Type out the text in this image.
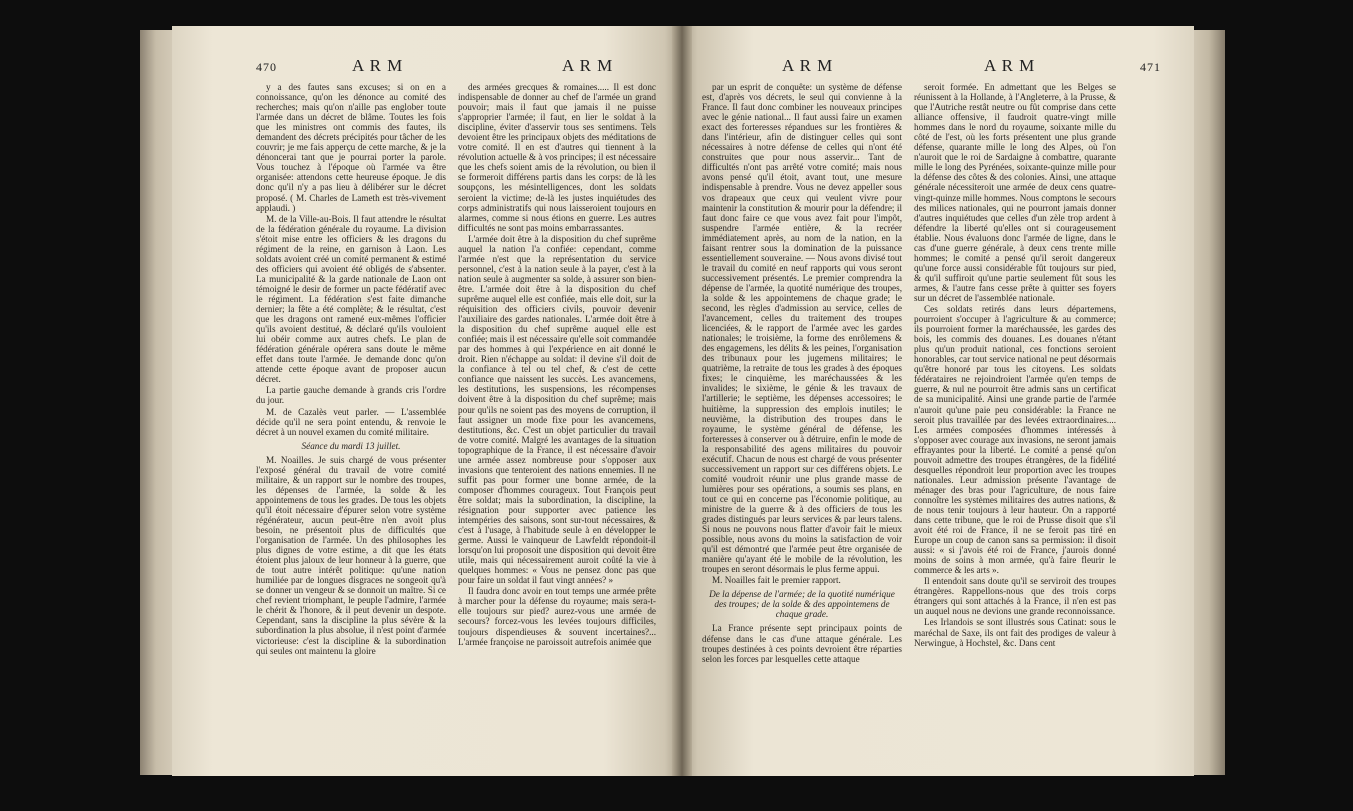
470	A R M	A R M

y a des fautes sans excuses; si on en a connoissance, qu'on les dénonce au comité des recherches; mais qu'on n'aille pas englober toute l'armée dans un décret de blâme. Toutes les fois que les ministres ont commis des fautes, ils demandent des décrets précipités pour tâcher de les couvrir; je me fais apperçu de cette marche, & je la dénoncerai tant que je pourrai porter la parole. Vous touchez à l'époque où l'armée va être organisée: attendons cette heureuse époque. Je dis donc qu'il n'y a pas lieu à délibérer sur le décret proposé. ( M. Charles de Lameth est très-vivement applaudi. )

M. de la Ville-au-Bois. Il faut attendre le résultat de la fédération générale du royaume. La division s'étoit mise entre les officiers & les dragons du régiment de la reine, en garnison à Laon. Les soldats avoient créé un comité permanent & estimé des officiers qui avoient été obligés de s'absenter. La municipalité & la garde nationale de Laon ont témoigné le desir de former un pacte fédératif avec le régiment. La fédération s'est faite dimanche dernier; la fête a été complète; & le résultat, c'est que les dragons ont ramené eux-mêmes l'officier qu'ils avoient destitué, & déclaré qu'ils vouloient lui obéir comme aux autres chefs. Le plan de fédération générale opérera sans doute le même effet dans toute l'armée. Je demande donc qu'on attende cette époque avant de proposer aucun décret.

La partie gauche demande à grands cris l'ordre du jour.

M. de Cazalès veut parler. — L'assemblée décide qu'il ne sera point entendu, & renvoie le décret à un nouvel examen du comité militaire.

Séance du mardi 13 juillet.

M. Noailles. Je suis chargé de vous présenter l'exposé général du travail de votre comité militaire, & un rapport sur le nombre des troupes, les dépenses de l'armée, la solde & les appointemens de tous les grades. De tous les objets qu'il étoit nécessaire d'épurer selon votre système régénérateur, aucun peut-être n'en avoit plus besoin, ne présentoit plus de difficultés que l'organisation de l'armée. Un des philosophes les plus dignes de votre estime, a dit que les états étoient plus jaloux de leur honneur à la guerre, que de tout autre intérêt politique: qu'une nation humiliée par de longues disgraces ne songeoit qu'à se donner un vengeur & se donnoit un maître. Si ce chef revient triomphant, le peuple l'admire, l'armée le chérit & l'honore, & il peut devenir un despote. Cependant, sans la discipline la plus sévère & la subordination la plus absolue, il n'est point d'armée victorieuse: c'est la discipline & la subordination qui seules ont maintenu la gloire

des armées grecques & romaines..... Il est donc indispensable de donner au chef de l'armée un grand pouvoir; mais il faut que jamais il ne puisse s'approprier l'armée; il faut, en lier le soldat à la discipline, éviter d'asservir tous ses sentimens. Tels devoient être les principaux objets des méditations de votre comité. Il en est d'autres qui tiennent à la révolution actuelle & à vos principes; il est nécessaire que les chefs soient amis de la révolution, ou bien il se formeroit différens partis dans les corps: de là les soupçons, les mésintelligences, dont les soldats seroient la victime; de-là les justes inquiétudes des corps administratifs qui nous laisseroient toujours en alarmes, comme si nous étions en guerre. Les autres difficultés ne sont pas moins embarrassantes.

L'armée doit être à la disposition du chef suprême auquel la nation l'a confiée: cependant, comme l'armée n'est que la représentation du service personnel, c'est à la nation seule à la payer, c'est à la nation seule à augmenter sa solde, à assurer son bien-être. L'armée doit être à la disposition du chef suprême auquel elle est confiée, mais elle doit, sur la réquisition des officiers civils, pouvoir devenir l'auxiliaire des gardes nationales. L'armée doit être à la disposition du chef suprême auquel elle est confiée; mais il est nécessaire qu'elle soit commandée par des hommes à qui l'expérience en ait donné le droit. Rien n'échappe au soldat: il devine s'il doit de la confiance à tel ou tel chef, & c'est de cette confiance que naissent les succès. Les avancemens, les destitutions, les suspensions, les récompenses doivent être à la disposition du chef suprême; mais pour qu'ils ne soient pas des moyens de corruption, il faut assigner un mode fixe pour les avancemens, destitutions, &c. C'est un objet particulier du travail de votre comité. Malgré les avantages de la situation topographique de la France, il est nécessaire d'avoir une armée assez nombreuse pour s'opposer aux invasions que tenteroient des nations ennemies. Il ne suffit pas pour former une bonne armée, de la composer d'hommes courageux. Tout François peut être soldat; mais la subordination, la discipline, la résignation pour supporter avec patience les intempéries des saisons, sont sur-tout nécessaires, & c'est à l'usage, à l'habitude seule à en développer le germe. Aussi le vainqueur de Lawfeldt répondoit-il lorsqu'on lui proposoit une disposition qui devoit être utile, mais qui nécessairement auroit coûté la vie à quelques hommes: « Vous ne pensez donc pas que pour faire un soldat il faut vingt années? »

Il faudra donc avoir en tout temps une armée prête à marcher pour la défense du royaume; mais sera-t-elle toujours sur pied? aurez-vous une armée de secours? forcez-vous les levées toujours difficiles, toujours dispendieuses & souvent incertaines?... L'armée françoise ne paroissoit autrefois animée que

A R M	A R M	471

par un esprit de conquête: un système de défense est, d'après vos décrets, le seul qui convienne à la France. Il faut donc combiner les nouveaux principes avec le génie national... Il faut aussi faire un examen exact des forteresses répandues sur les frontières & dans l'intérieur, afin de distinguer celles qui sont nécessaires à notre défense de celles qui n'ont été construites que pour nous asservir... Tant de difficultés n'ont pas arrêté votre comité; mais nous avons pensé qu'il étoit, avant tout, une mesure indispensable à prendre. Vous ne devez appeller sous vos drapeaux que ceux qui veulent vivre pour maintenir la constitution & mourir pour la défendre; il faut donc faire ce que vous avez fait pour l'impôt, suspendre l'armée entière, & la recréer immédiatement après, au nom de la nation, en la faisant rentrer sous la domination de la puissance essentiellement souveraine. — Nous avons divisé tout le travail du comité en neuf rapports qui vous seront successivement présentés. Le premier comprendra la dépense de l'armée, la quotité numérique des troupes, la solde & les appointemens de chaque grade; le second, les règles d'admission au service, celles de l'avancement, celles du traitement des troupes licenciées, & le rapport de l'armée avec les gardes nationales; le troisième, la forme des enrôlemens & des engagemens, les délits & les peines, l'organisation des tribunaux pour les jugemens militaires; le quatrième, la retraite de tous les grades à des époques fixes; le cinquième, les maréchaussées & les invalides; le sixième, le génie & les travaux de l'artillerie; le septième, les dépenses accessoires; le huitième, la suppression des emplois inutiles; le neuvième, la distribution des troupes dans le royaume, le système général de défense, les forteresses à conserver ou à détruire, enfin le mode de la responsabilité des agens militaires du pouvoir exécutif. Chacun de nous est chargé de vous présenter successivement un rapport sur ces différens objets. Le comité voudroit réunir une plus grande masse de lumières pour ses opérations, a soumis ses plans, en tout ce qui en concerne pas l'économie politique, au ministre de la guerre & à des officiers de tous les grades distingués par leurs services & par leurs talens. Si nous ne pouvons nous flatter d'avoir fait le mieux possible, nous avons du moins la satisfaction de voir qu'il est démontré que l'armée peut être organisée de manière qu'ayant été le mobile de la révolution, les troupes en seront désormais le plus ferme appui.

M. Noailles fait le premier rapport.

De la dépense de l'armée; de la quotité numérique des troupes; de la solde & des appointemens de chaque grade.

La France présente sept principaux points de défense dans le cas d'une attaque générale. Les troupes destinées à ces points devroient être réparties selon les forces par lesquelles cette attaque

seroit formée. En admettant que les Belges se réunissent à la Hollande, à l'Angleterre, à la Prusse, & que l'Autriche restât neutre ou fût comprise dans cette alliance offensive, il faudroit quatre-vingt mille hommes dans le nord du royaume, soixante mille du côté de l'est, où les forts présentent une plus grande défense, quarante mille le long des Alpes, où l'on n'auroit que le roi de Sardaigne à combattre, quarante mille le long des Pyrénées, soixante-quinze mille pour la défense des côtes & des colonies. Ainsi, une attaque générale nécessiteroit une armée de deux cens quatre-vingt-quinze mille hommes. Nous comptons le secours des milices nationales, qui ne pourront jamais donner d'autres inquiétudes que celles d'un zèle trop ardent à défendre la liberté qu'elles ont si courageusement établie. Nous évaluons donc l'armée de ligne, dans le cas d'une guerre générale, à deux cens trente mille hommes; le comité a pensé qu'il seroit dangereux qu'une force aussi considérable fût toujours sur pied, & qu'il suffiroit qu'une partie seulement fût sous les armes, & l'autre fans cesse prête à quitter ses foyers sur un décret de l'assemblée nationale.

Ces soldats retirés dans leurs départemens, pourroient s'occuper à l'agriculture & au commerce; ils pourroient former la maréchaussée, les gardes des bois, les commis des douanes. Les douanes n'étant plus qu'un produit national, ces fonctions seroient honorables, car tout service national ne peut désormais qu'être honoré par tous les citoyens. Les soldats fédérataires ne rejoindroient l'armée qu'en temps de guerre, & nul ne pourroit être admis sans un certificat de sa municipalité. Ainsi une grande partie de l'armée n'auroit qu'une paie peu considérable: la France ne seroit plus travaillée par des levées extraordinaires.... Les armées composées d'hommes intéressés à s'opposer avec courage aux invasions, ne seront jamais effrayantes pour la liberté. Le comité a pensé qu'on pouvoit admettre des troupes étrangères, de la fidélité desquelles répondroit leur proportion avec les troupes nationales. Leur admission présente l'avantage de ménager des bras pour l'agriculture, de nous faire connoître les systèmes militaires des autres nations, & de nous tenir toujours à leur hauteur. On a rapporté dans cette tribune, que le roi de Prusse disoit que s'il avoit été roi de France, il ne se feroit pas tiré en Europe un coup de canon sans sa permission: il disoit aussi: « si j'avois été roi de France, j'aurois donné moins de soins à mon armée, qu'à faire fleurir le commerce & les arts ».

Il entendoit sans doute qu'il se serviroit des troupes étrangères. Rappellons-nous que des trois corps étrangers qui sont attachés à la France, il n'en est pas un auquel nous ne devions une grande reconnoissance.

Les Irlandois se sont illustrés sous Catinat: sous le maréchal de Saxe, ils ont fait des prodiges de valeur à Nerwingue, à Hochstel, &c. Dans cent
